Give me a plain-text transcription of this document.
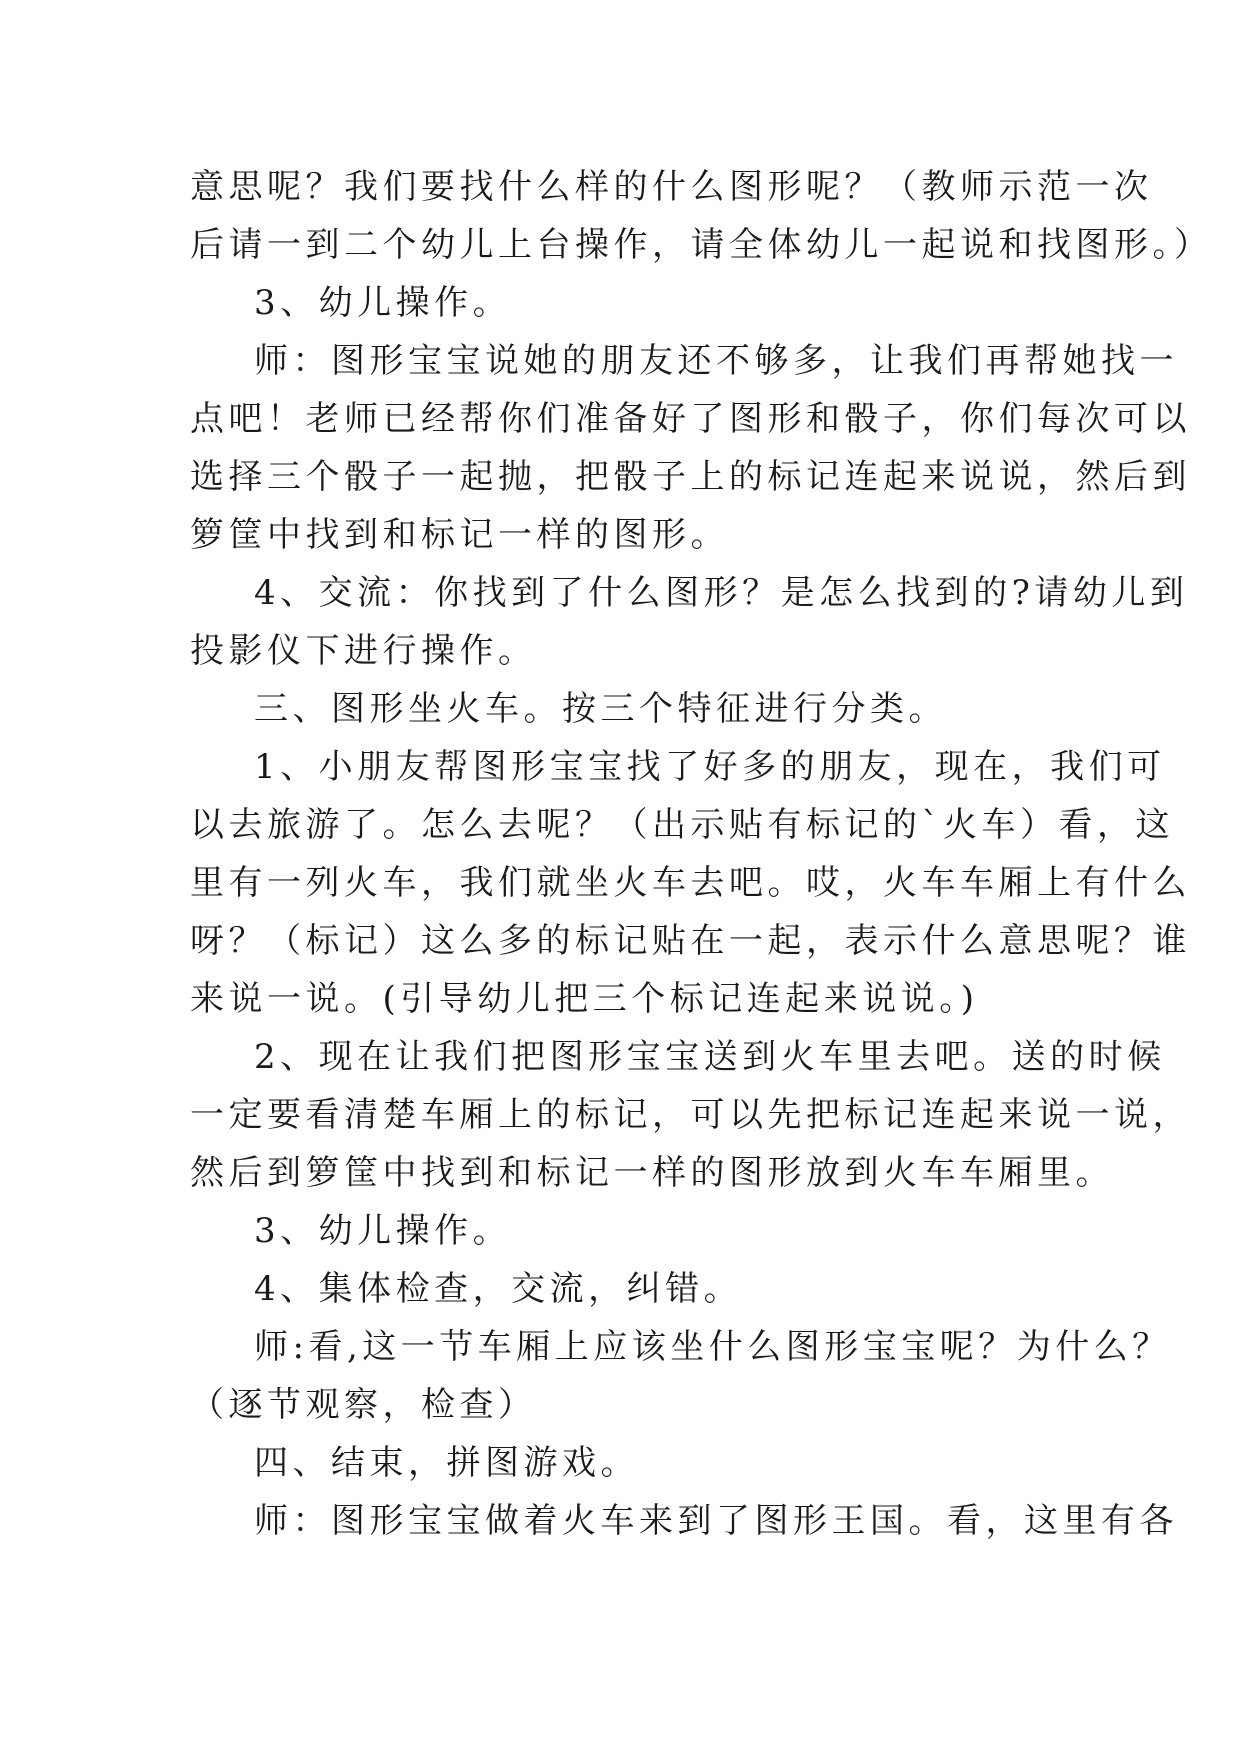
意思呢？我们要找什么样的什么图形呢？（教师示范一次
后请一到二个幼儿上台操作，请全体幼儿一起说和找图形。）
3、幼儿操作。
师：图形宝宝说她的朋友还不够多，让我们再帮她找一
点吧！老师已经帮你们准备好了图形和骰子，你们每次可以
选择三个骰子一起抛，把骰子上的标记连起来说说，然后到
箩筐中找到和标记一样的图形。
4、交流：你找到了什么图形？是怎么找到的?请幼儿到
投影仪下进行操作。
三、图形坐火车。按三个特征进行分类。
1、小朋友帮图形宝宝找了好多的朋友，现在，我们可
以去旅游了。怎么去呢？（出示贴有标记的`火车）看，这
里有一列火车，我们就坐火车去吧。哎，火车车厢上有什么
呀？（标记）这么多的标记贴在一起，表示什么意思呢？谁
来说一说。(引导幼儿把三个标记连起来说说。)
2、现在让我们把图形宝宝送到火车里去吧。送的时候
一定要看清楚车厢上的标记，可以先把标记连起来说一说，
然后到箩筐中找到和标记一样的图形放到火车车厢里。
3、幼儿操作。
4、集体检查，交流，纠错。
师:看,这一节车厢上应该坐什么图形宝宝呢？为什么？
（逐节观察，检查）
四、结束，拼图游戏。
师：图形宝宝做着火车来到了图形王国。看，这里有各
